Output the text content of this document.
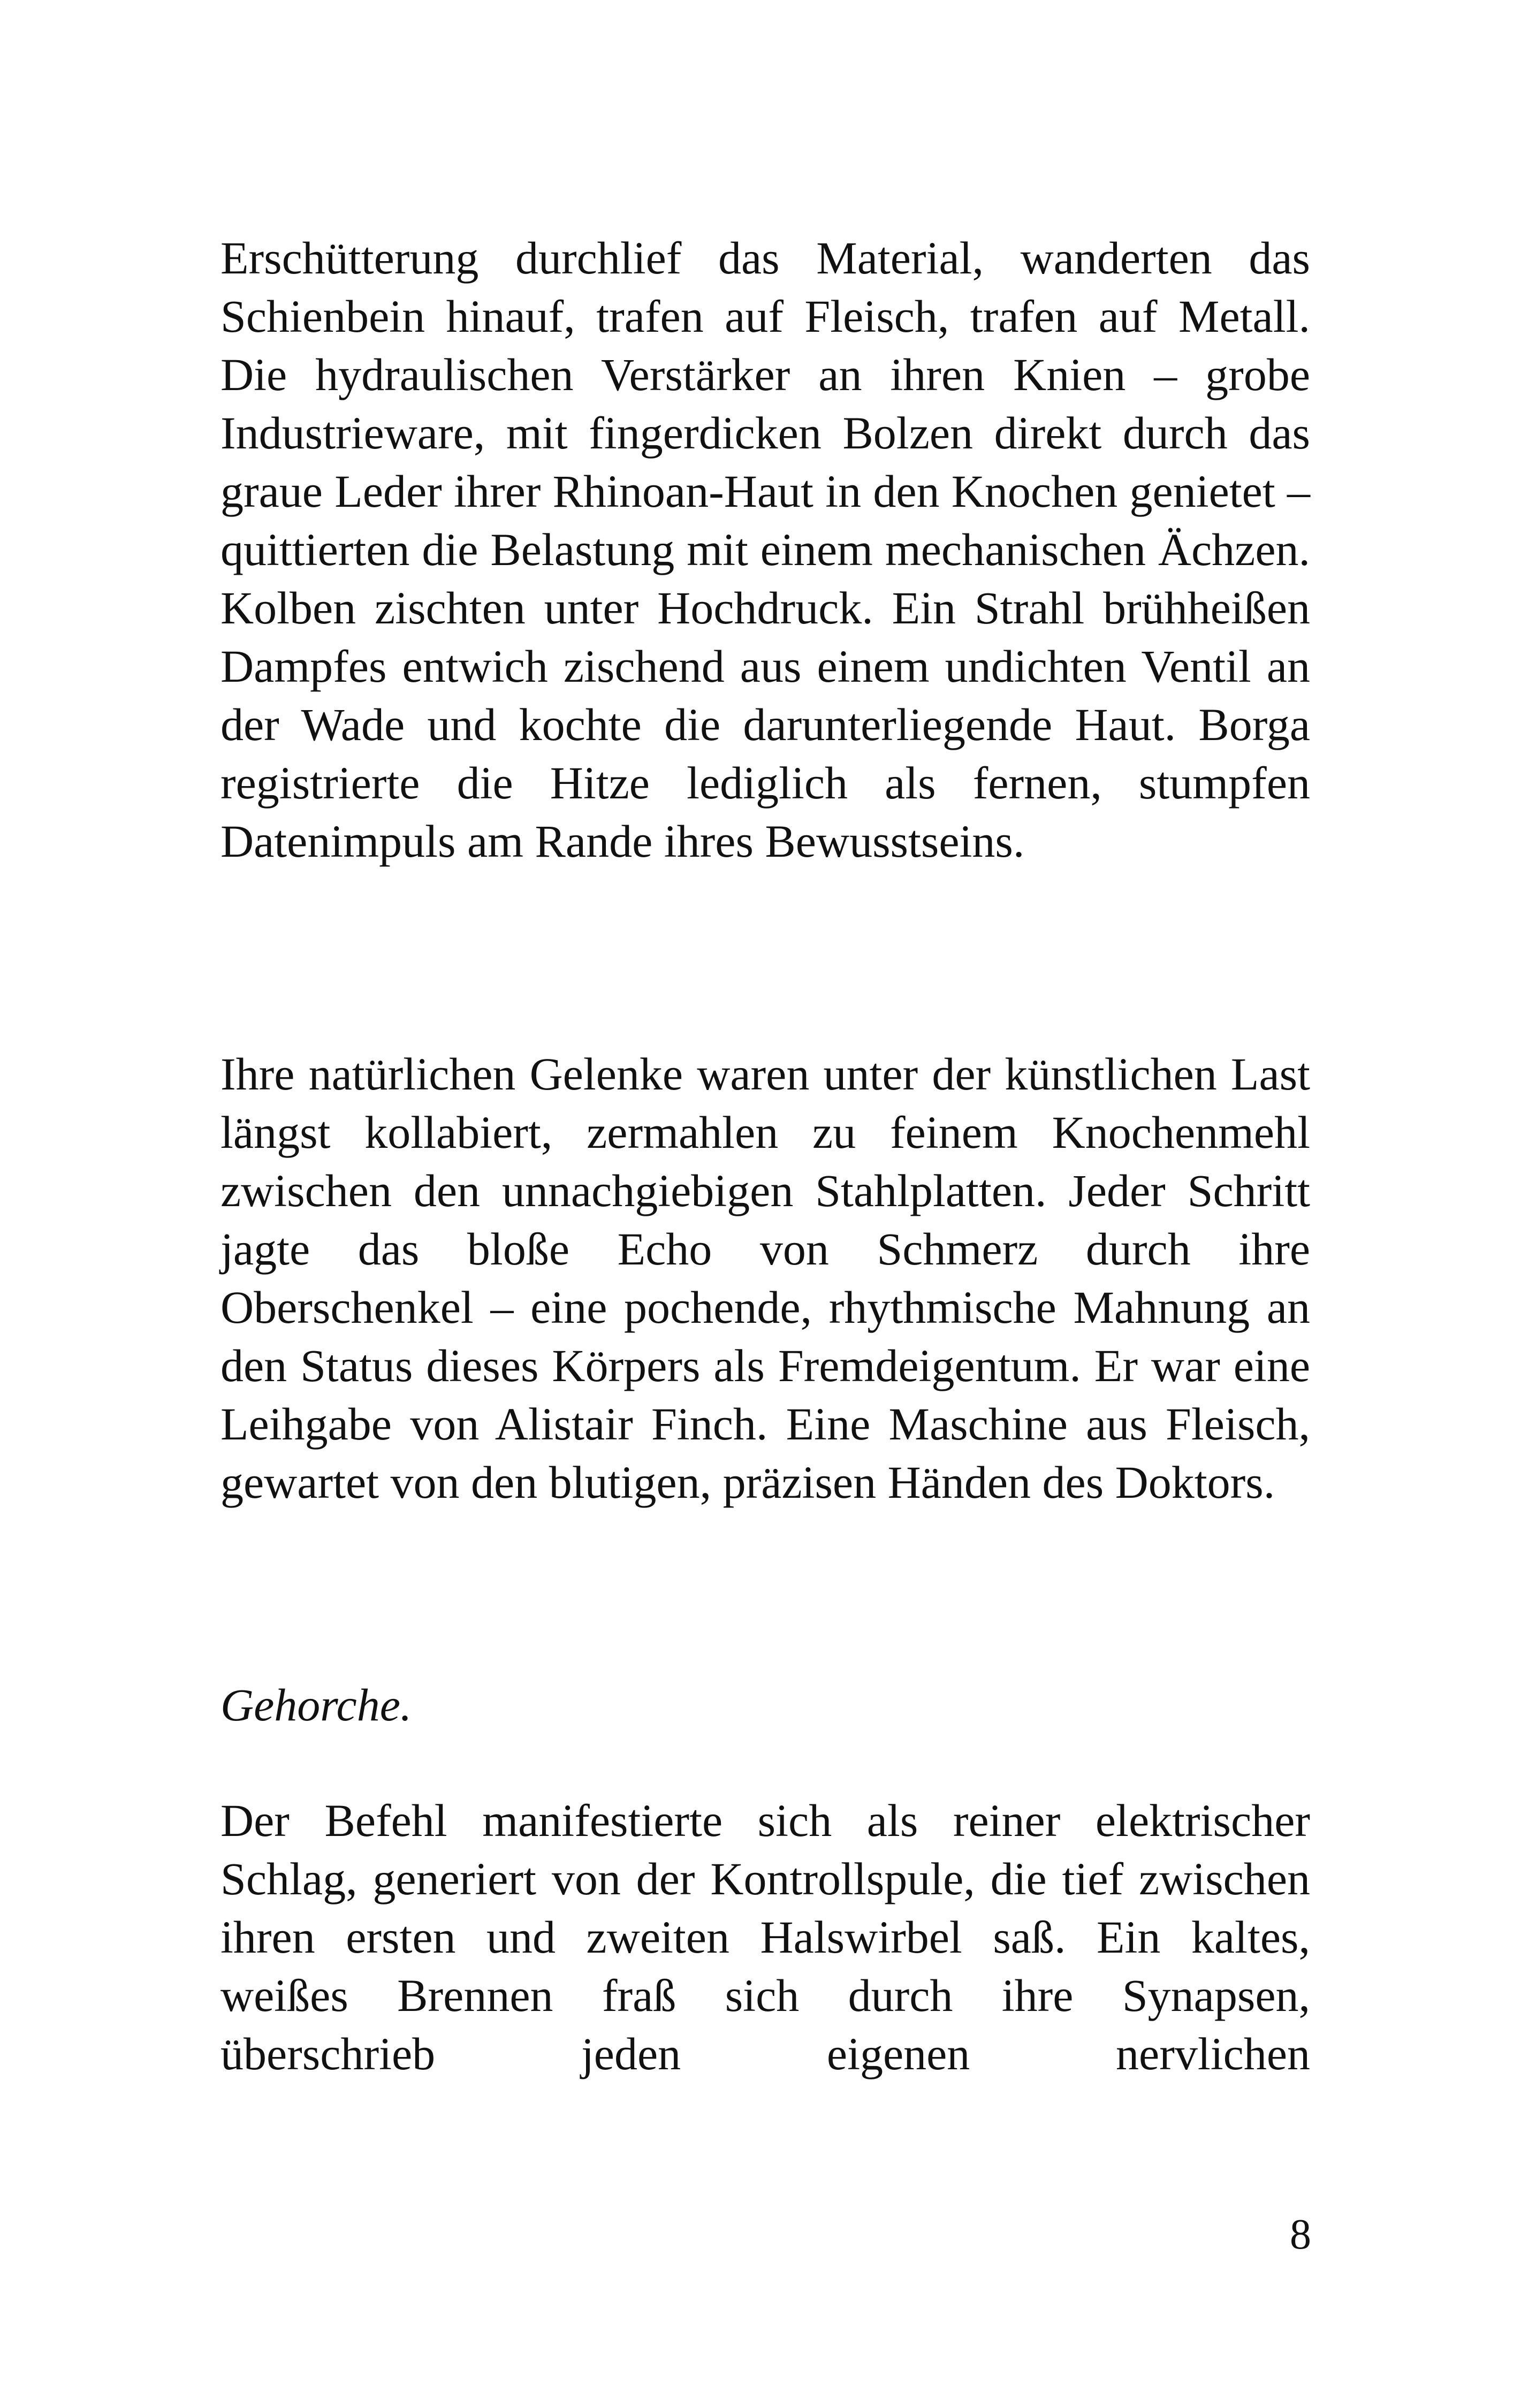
Erschütterung durchlief das Material, wanderten das Schienbein hinauf, trafen auf Fleisch, trafen auf Metall. Die hydraulischen Verstärker an ihren Knien – grobe Industrieware, mit fingerdicken Bolzen direkt durch das graue Leder ihrer Rhinoan-Haut in den Knochen genietet – quittierten die Belastung mit einem mechanischen Ächzen. Kolben zischten unter Hochdruck. Ein Strahl brühheißen Dampfes entwich zischend aus einem undichten Ventil an der Wade und kochte die darunterliegende Haut. Borga registrierte die Hitze lediglich als fernen, stumpfen Datenimpuls am Rande ihres Bewusstseins.

Ihre natürlichen Gelenke waren unter der künstlichen Last längst kollabiert, zermahlen zu feinem Knochenmehl zwischen den unnachgiebigen Stahlplatten. Jeder Schritt jagte das bloße Echo von Schmerz durch ihre Oberschenkel – eine pochende, rhythmische Mahnung an den Status dieses Körpers als Fremdeigentum. Er war eine Leihgabe von Alistair Finch. Eine Maschine aus Fleisch, gewartet von den blutigen, präzisen Händen des Doktors.

Gehorche.

Der Befehl manifestierte sich als reiner elektrischer Schlag, generiert von der Kontrollspule, die tief zwischen ihren ersten und zweiten Halswirbel saß. Ein kaltes, weißes Brennen fraß sich durch ihre Synapsen, überschrieb jeden eigenen nervlichen

8
